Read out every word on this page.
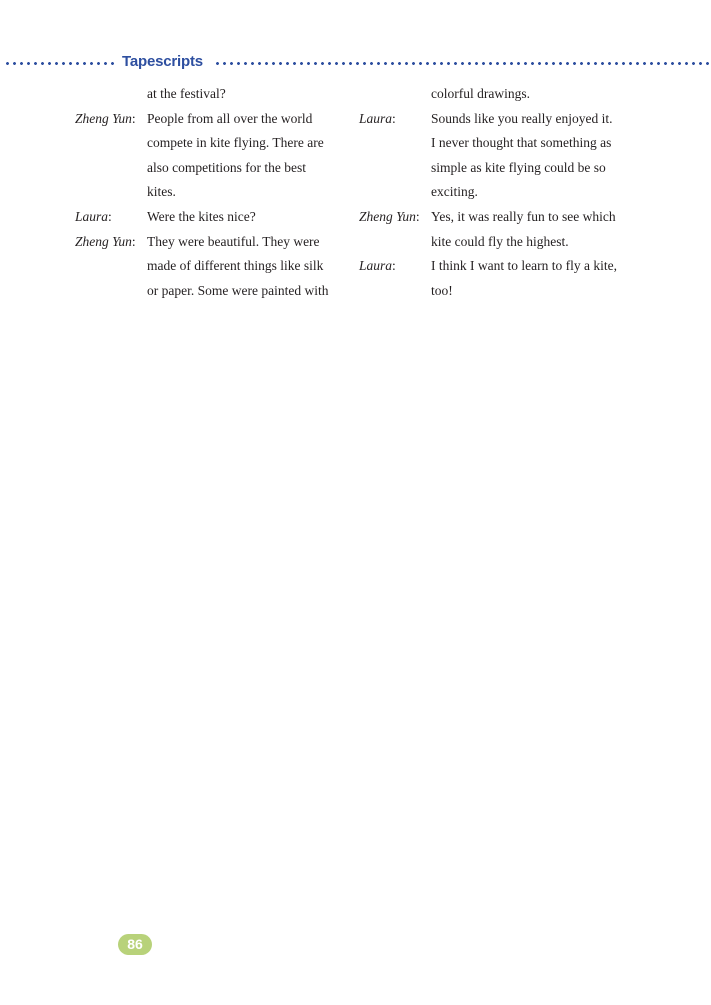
Tapescripts
at the festival?
Zheng Yun: People from all over the world
compete in kite flying. There are
also competitions for the best
kites.
Laura:	Were the kites nice?
Zheng Yun: They were beautiful. They were
made of different things like silk
or paper. Some were painted with
colorful drawings.
Laura:	Sounds like you really enjoyed it.
I never thought that something as
simple as kite flying could be so
exciting.
Zheng Yun: Yes, it was really fun to see which
kite could fly the highest.
Laura:	I think I want to learn to fly a kite,
too!
86
